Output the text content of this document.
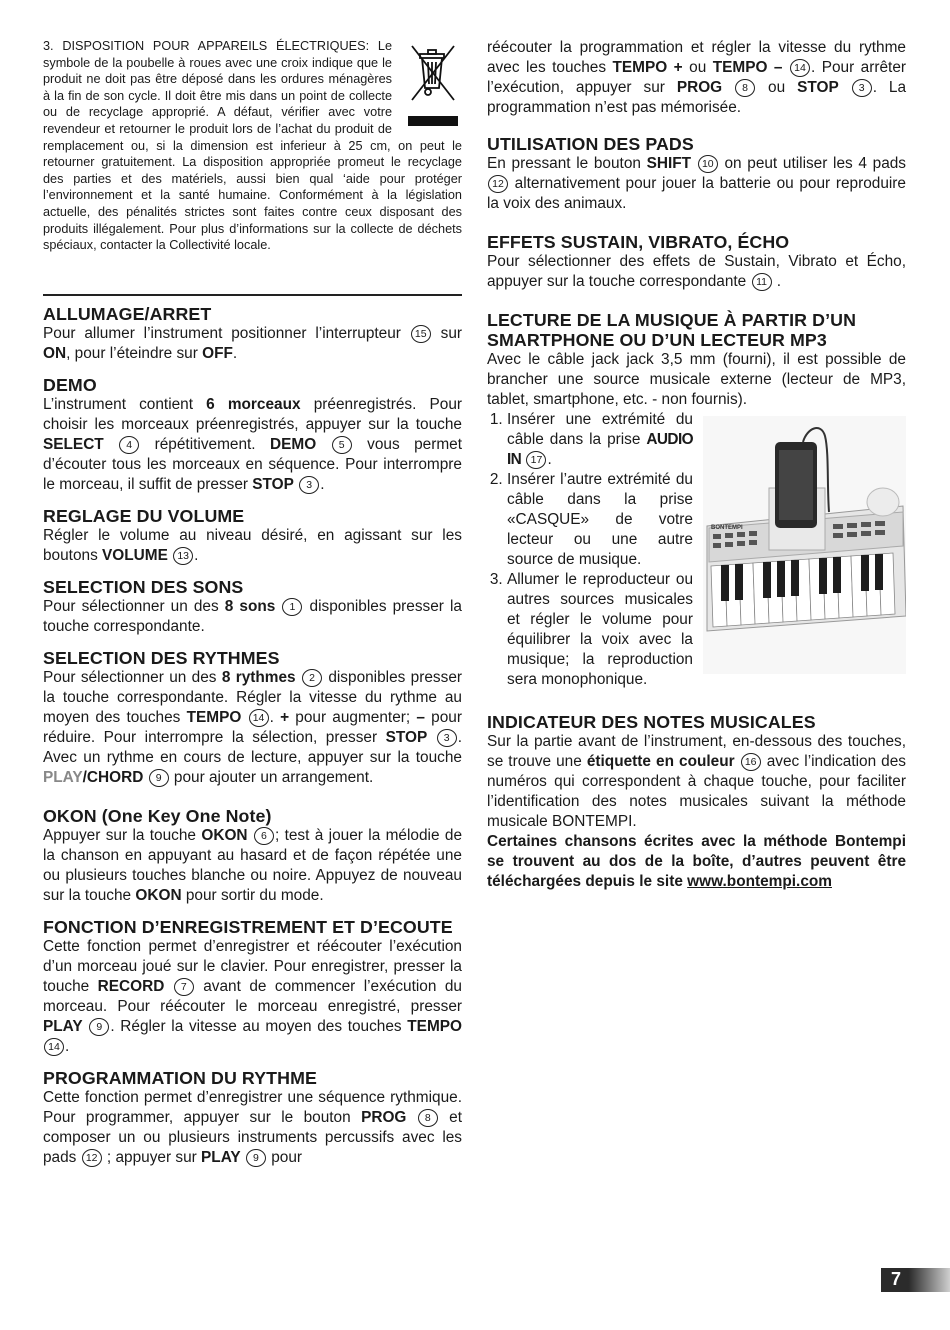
3. DISPOSITION POUR APPAREILS ÉLECTRIQUES: Le symbole de la poubelle à roues avec une croix indique que le produit ne doit pas être déposé dans les ordures ménagères à la fin de son cycle. Il doit être mis dans un point de collecte ou de recyclage approprié. A défaut, vérifier avec votre revendeur et retourner le produit lors de l’achat du produit de remplacement ou, si la dimension est inferieur à 25 cm, on peut le retourner gratuitement. La disposition appropriée promeut le recyclage des parties et des matériels, aussi bien qual ‘aide pour protéger l’environnement et la santé humaine. Conformément à la législation actuelle, des pénalités strictes sont faites contre ceux disposant des produits illégalement. Pour plus d’informations sur la collecte de déchets spéciaux, contacter la Collectivité locale.

ALLUMAGE/ARRET

Pour allumer l’instrument positionner l’interrupteur 15 sur ON, pour l’éteindre sur OFF.

DEMO

L’instrument contient 6 morceaux préenregistrés. Pour choisir les morceaux préenregistrés, appuyer sur la touche SELECT 4 répétitivement. DEMO 5 vous permet d’écouter tous les morceaux en séquence. Pour interrompre le morceau, il suffit de presser STOP 3 .

REGLAGE DU VOLUME

Régler le volume au niveau désiré, en agissant sur les boutons VOLUME 13 .

SELECTION DES SONS

Pour sélectionner un des 8 sons 1 disponibles presser la touche correspondante.

SELECTION DES RYTHMES

Pour sélectionner un des 8 rythmes 2 disponibles presser la touche correspondante. Régler la vitesse du rythme au moyen des touches TEMPO 14 . + pour augmenter; – pour réduire. Pour interrompre la sélection, presser STOP 3 . Avec un rythme en cours de lecture, appuyer sur la touche PLAY/CHORD 9 pour ajouter un arrangement.

OKON (One Key One Note)

Appuyer sur la touche OKON 6 ; test à jouer la mélodie de la chanson en appuyant au hasard et de façon répétée une ou plusieurs touches blanche ou noire. Appuyez de nouveau sur la touche OKON pour sortir du mode.

FONCTION D’ENREGISTREMENT ET D’ECOUTE

Cette fonction permet d’enregistrer et réécouter l’exécution d’un morceau joué sur le clavier. Pour enregistrer, presser la touche RECORD 7 avant de commencer l’exécution du morceau. Pour réécouter le morceau enregistré, presser PLAY 9 . Régler la vitesse au moyen des touches TEMPO 14 .

PROGRAMMATION DU RYTHME

Cette fonction permet d’enregistrer une séquence rythmique. Pour programmer, appuyer sur le bouton PROG 8 et composer un ou plusieurs instruments percussifs avec les pads 12 ; appuyer sur PLAY 9 pour

réécouter la programmation et régler la vitesse du rythme avec les touches TEMPO + ou TEMPO – 14 . Pour arrêter l’exécution, appuyer sur PROG 8 ou STOP 3 . La programmation n’est pas mémorisée.

UTILISATION DES PADS

En pressant le bouton SHIFT 10 on peut utiliser les 4 pads 12 alternativement pour jouer la batterie ou pour reproduire la voix des animaux.

EFFETS SUSTAIN, VIBRATO, ÉCHO

Pour sélectionner des effets de Sustain, Vibrato et Écho, appuyer sur la touche correspondante 11 .

LECTURE DE LA MUSIQUE À PARTIR D’UN SMARTPHONE OU D’UN LECTEUR MP3

Avec le câble jack jack 3,5 mm (fourni), il est possible de brancher une source musicale externe (lecteur de MP3, tablet, smartphone, etc. - non fournis).

BONTEMPI
1. Insérer une extrémité du câble dans la prise AUDIO IN 17 .
2. Insérer l’autre extrémité du câble dans la prise «CASQUE» de votre lecteur ou une autre source de musique.
3. Allumer le reproducteur ou autres sources musicales et régler le volume pour équilibrer la voix avec la musique; la reproduction sera monophonique.
INDICATEUR DES NOTES MUSICALES

Sur la partie avant de l’instrument, en-dessous des touches, se trouve une étiquette en couleur 16 avec l’indication des numéros qui correspondent à chaque touche, pour faciliter l’identification des notes musicales suivant la méthode musicale BONTEMPI.

Certaines chansons écrites avec la méthode Bontempi se trouvent au dos de la boîte, d’autres peuvent être téléchargées depuis le site www.bontempi.com

7
